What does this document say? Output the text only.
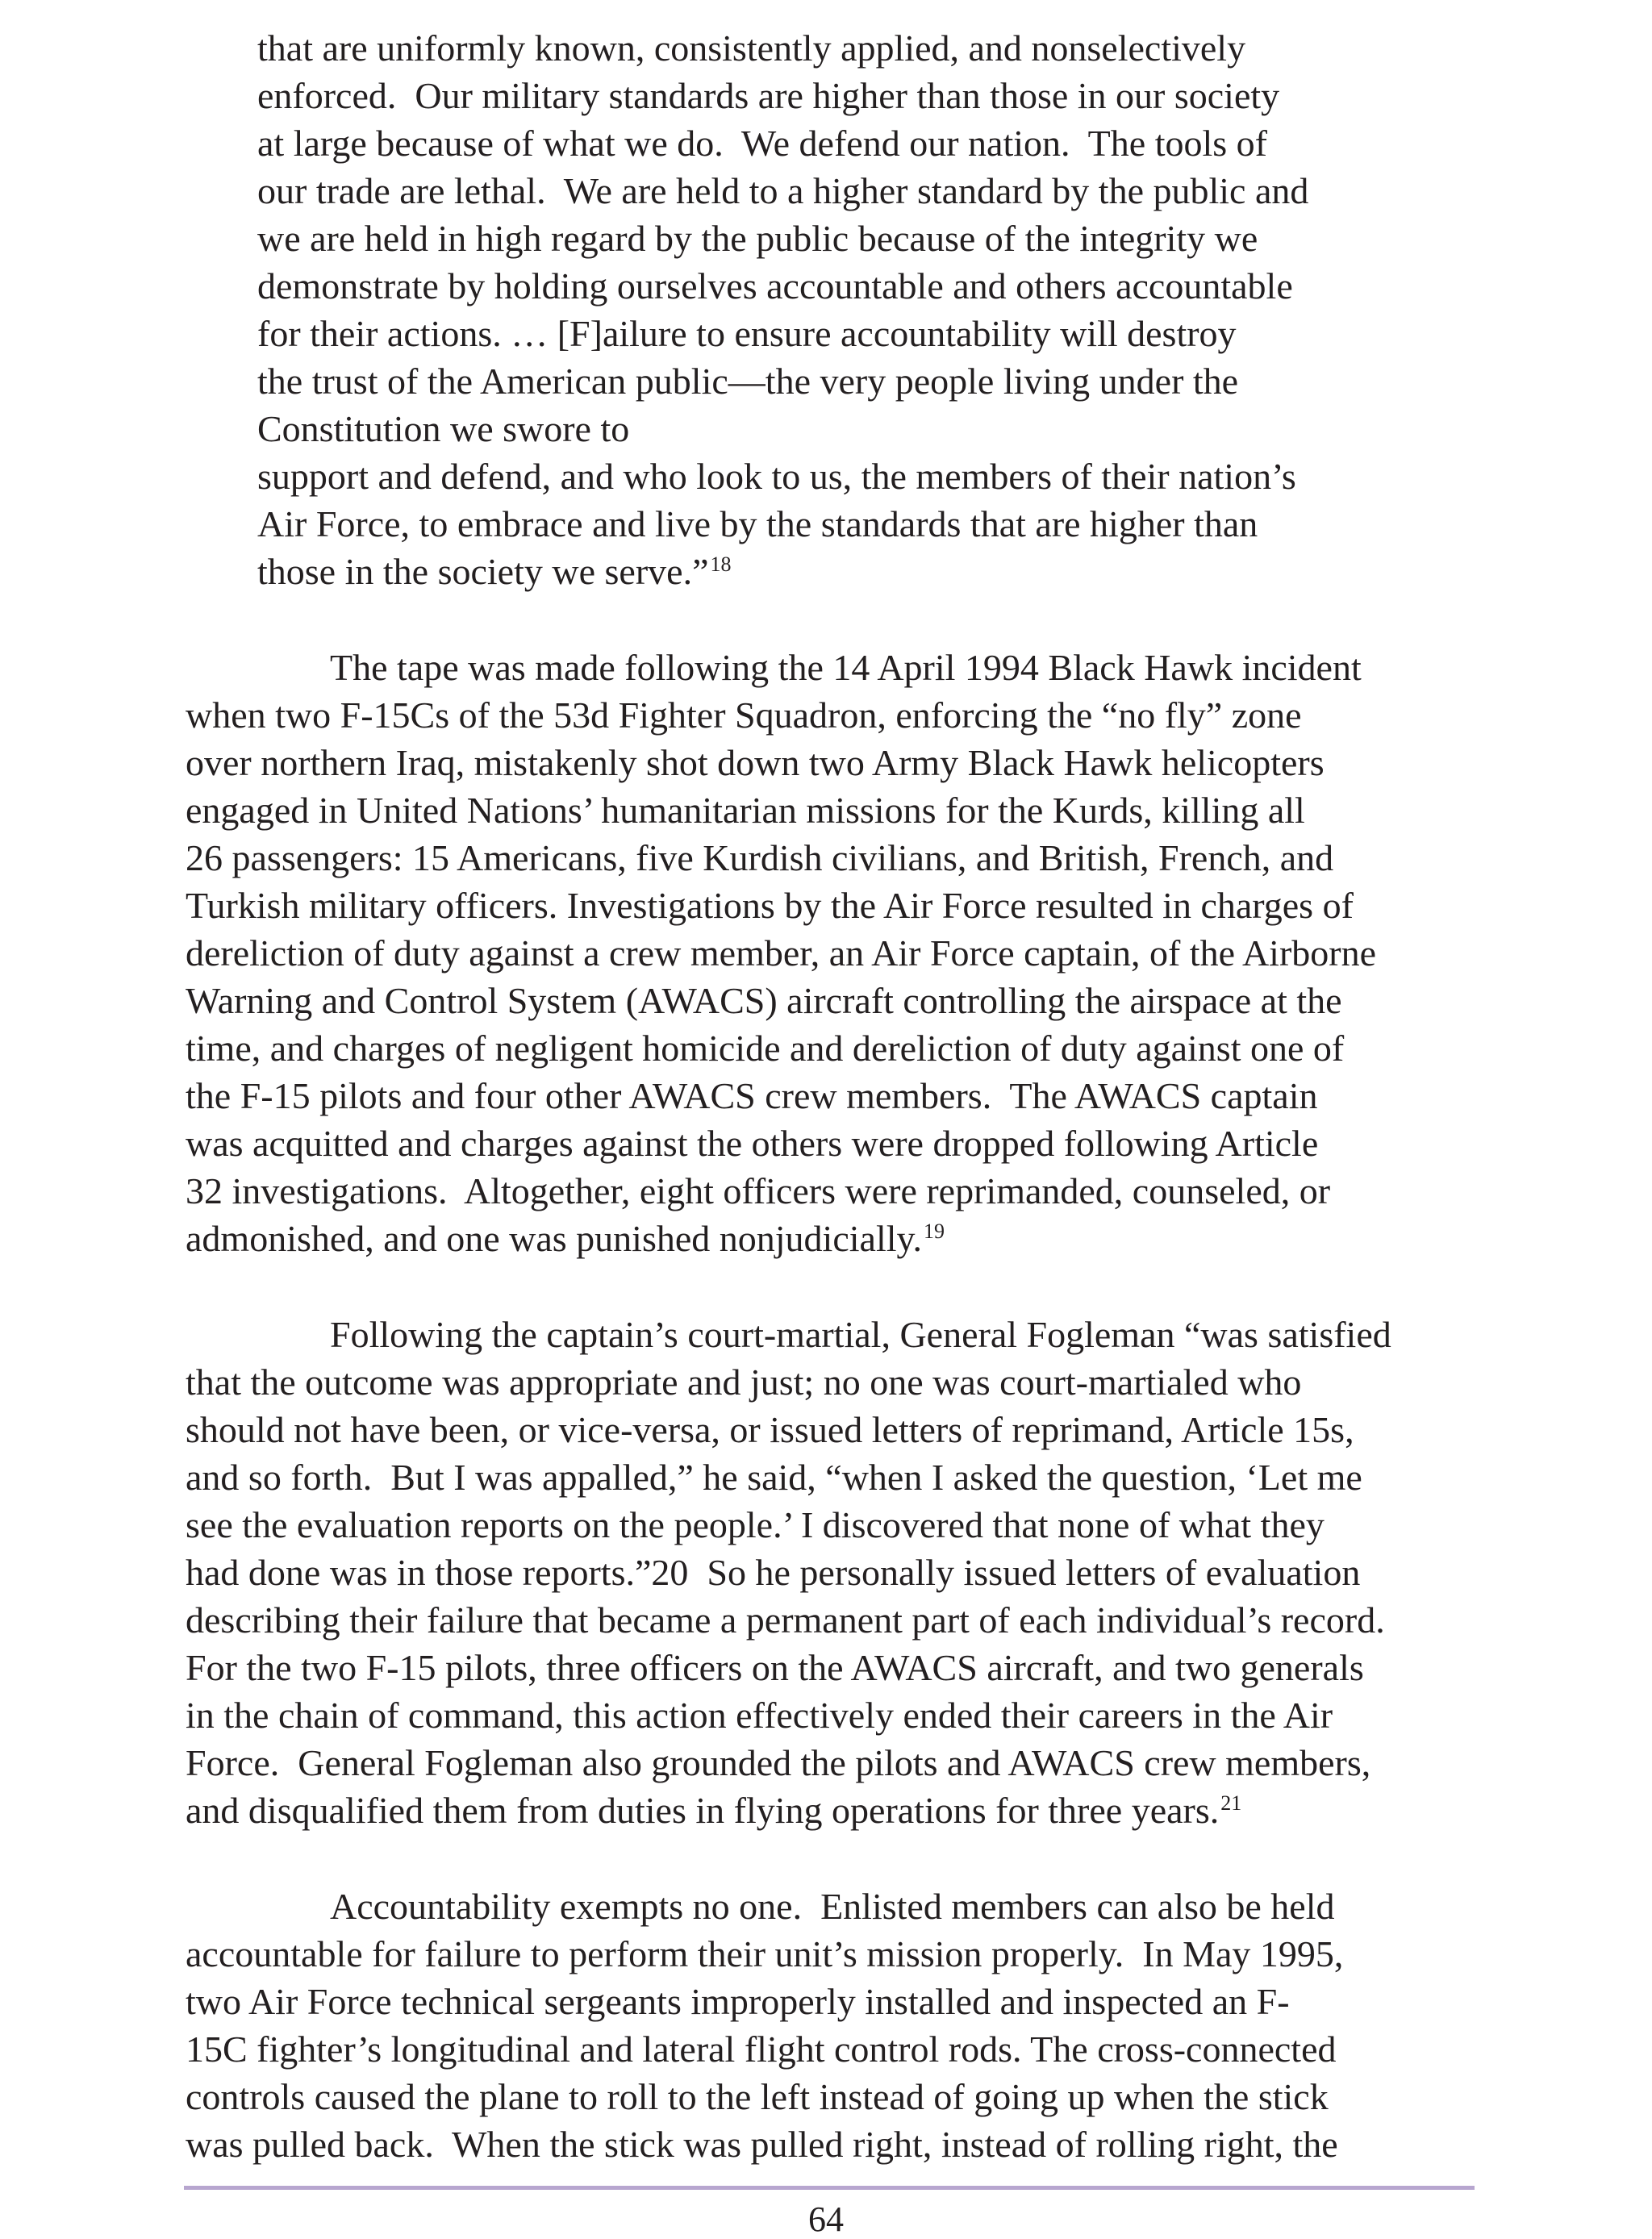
that are uniformly known, consistently applied, and nonselectively
enforced.  Our military standards are higher than those in our society
at large because of what we do.  We defend our nation.  The tools of
our trade are lethal.  We are held to a higher standard by the public and
we are held in high regard by the public because of the integrity we
demonstrate by holding ourselves accountable and others accountable
for their actions. … [F]ailure to ensure accountability will destroy
the trust of the American public—the very people living under the
Constitution we swore to
support and defend, and who look to us, the members of their nation’s
Air Force, to embrace and live by the standards that are higher than
those in the society we serve.”$^{18}$
The tape was made following the 14 April 1994 Black Hawk incident
when two F-15Cs of the 53d Fighter Squadron, enforcing the “no fly” zone
over northern Iraq, mistakenly shot down two Army Black Hawk helicopters
engaged in United Nations’ humanitarian missions for the Kurds, killing all
26 passengers: 15 Americans, five Kurdish civilians, and British, French, and
Turkish military officers. Investigations by the Air Force resulted in charges of
dereliction of duty against a crew member, an Air Force captain, of the Airborne
Warning and Control System (AWACS) aircraft controlling the airspace at the
time, and charges of negligent homicide and dereliction of duty against one of
the F-15 pilots and four other AWACS crew members.  The AWACS captain
was acquitted and charges against the others were dropped following Article
32 investigations.  Altogether, eight officers were reprimanded, counseled, or
admonished, and one was punished nonjudicially.$^{19}$
Following the captain’s court-martial, General Fogleman “was satisfied
that the outcome was appropriate and just; no one was court-martialed who
should not have been, or vice-versa, or issued letters of reprimand, Article 15s,
and so forth.  But I was appalled,” he said, “when I asked the question, ‘Let me
see the evaluation reports on the people.’ I discovered that none of what they
had done was in those reports.”20  So he personally issued letters of evaluation
describing their failure that became a permanent part of each individual’s record.
For the two F-15 pilots, three officers on the AWACS aircraft, and two generals
in the chain of command, this action effectively ended their careers in the Air
Force.  General Fogleman also grounded the pilots and AWACS crew members,
and disqualified them from duties in flying operations for three years.$^{21}$
Accountability exempts no one.  Enlisted members can also be held
accountable for failure to perform their unit’s mission properly.  In May 1995,
two Air Force technical sergeants improperly installed and inspected an F-
15C fighter’s longitudinal and lateral flight control rods. The cross-connected
controls caused the plane to roll to the left instead of going up when the stick
was pulled back.  When the stick was pulled right, instead of rolling right, the
64
